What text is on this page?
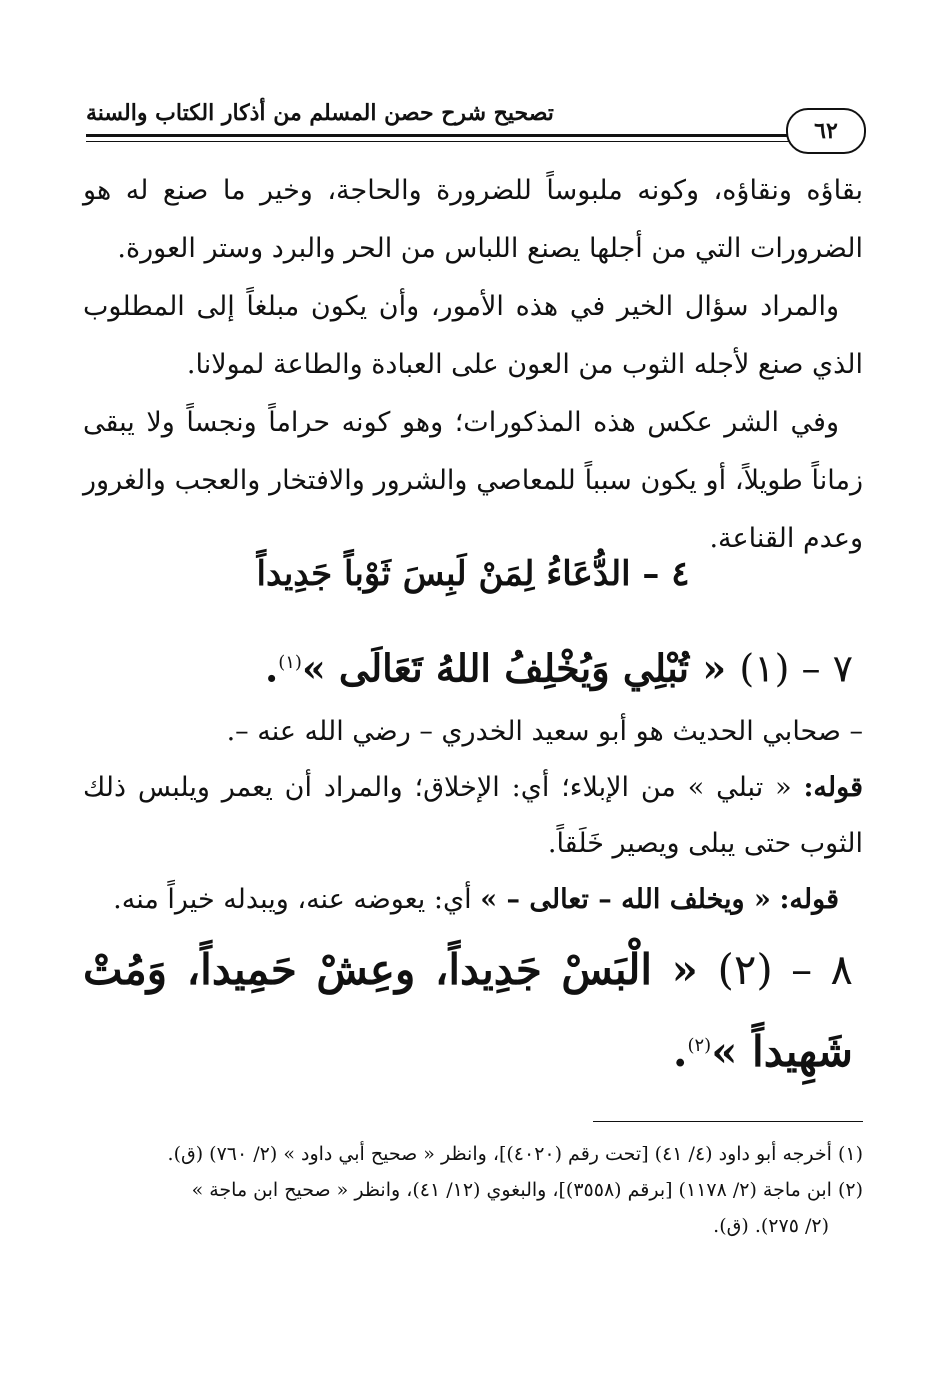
تصحيح شرح حصن المسلم من أذكار الكتاب والسنة
٦٢

بقاؤه ونقاؤه، وكونه ملبوساً للضرورة والحاجة، وخير ما صنع له هو الضرورات التي من أجلها يصنع اللباس من الحر والبرد وستر العورة.

والمراد سؤال الخير في هذه الأمور، وأن يكون مبلغاً إلى المطلوب الذي صنع لأجله الثوب من العون على العبادة والطاعة لمولانا.

وفي الشر عكس هذه المذكورات؛ وهو كونه حراماً ونجساً ولا يبقى زماناً طويلاً، أو يكون سبباً للمعاصي والشرور والافتخار والعجب والغرور وعدم القناعة.

٤ – الدُّعَاءُ لِمَنْ لَبِسَ ثَوْباً جَدِيداً
٧ – (١) « تُبْلِي وَيُخْلِفُ اللهُ تَعَالَى »$^{(١)}$.

– صحابي الحديث هو أبو سعيد الخدري – رضي الله عنه –.

قوله: « تبلي » من الإبلاء؛ أي: الإخلاق؛ والمراد أن يعمر ويلبس ذلك الثوب حتى يبلى ويصير خَلَقاً.

قوله: « ويخلف الله – تعالى – » أي: يعوضه عنه، ويبدله خيراً منه.

٨ – (٢) « الْبَسْ جَدِيداً، وعِشْ حَمِيداً، وَمُتْ شَهِيداً »$^{(٢)}$.

(١) أخرجه أبو داود (٤/ ٤١) [تحت رقم (٤٠٢٠)]، وانظر « صحيح أبي داود » (٢/ ٧٦٠) (ق).

(٢) ابن ماجة (٢/ ١١٧٨) [برقم (٣٥٥٨)]، والبغوي (١٢/ ٤١)، وانظر « صحيح ابن ماجة »

(٢/ ٢٧٥). (ق).
